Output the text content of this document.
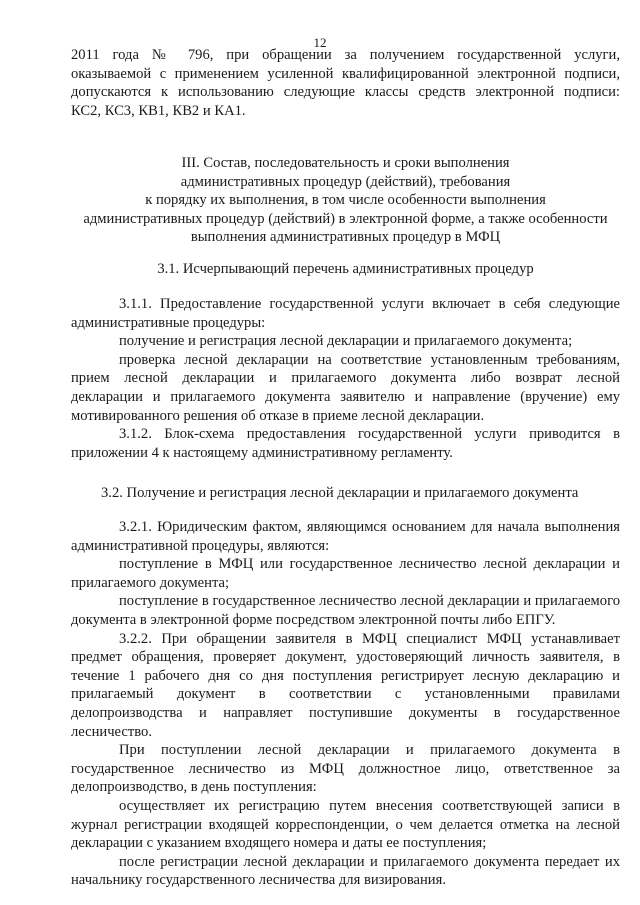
12

2011 года № 796, при обращении за получением государственной услуги,

оказываемой с применением усиленной квалифицированной электронной подписи,

допускаются к использованию следующие классы средств электронной подписи:

КС2, КС3, КВ1, КВ2 и КА1.

III. Состав, последовательность и сроки выполнения

административных процедур (действий), требования

к порядку их выполнения, в том числе особенности выполнения

административных процедур (действий) в электронной форме, а также особенности

выполнения административных процедур в МФЦ

3.1. Исчерпывающий перечень административных процедур

3.1.1. Предоставление государственной услуги включает в себя следующие

административные процедуры:

получение и регистрация лесной декларации и прилагаемого документа;

проверка лесной декларации на соответствие установленным требованиям,

прием лесной декларации и прилагаемого документа либо возврат лесной

декларации и прилагаемого документа заявителю и направление (вручение) ему

мотивированного решения об отказе в приеме лесной декларации.

3.1.2. Блок-схема предоставления государственной услуги приводится в

приложении 4 к настоящему административному регламенту.

3.2. Получение и регистрация лесной декларации и прилагаемого документа

3.2.1. Юридическим фактом, являющимся основанием для начала выполнения

административной процедуры, являются:

поступление в МФЦ или государственное лесничество лесной декларации и

прилагаемого документа;

поступление в государственное лесничество лесной декларации и прилагаемого

документа в электронной форме посредством электронной почты либо ЕПГУ.

3.2.2. При обращении заявителя в МФЦ специалист МФЦ устанавливает

предмет обращения, проверяет документ, удостоверяющий личность заявителя, в

течение 1 рабочего дня со дня поступления регистрирует лесную декларацию и

прилагаемый документ в соответствии с установленными правилами

делопроизводства и направляет поступившие документы в государственное

лесничество.

При поступлении лесной декларации и прилагаемого документа в

государственное лесничество из МФЦ должностное лицо, ответственное за

делопроизводство, в день поступления:

осуществляет их регистрацию путем внесения соответствующей записи в

журнал регистрации входящей корреспонденции, о чем делается отметка на лесной

декларации с указанием входящего номера и даты ее поступления;

после регистрации лесной декларации и прилагаемого документа передает их

начальнику государственного лесничества для визирования.
